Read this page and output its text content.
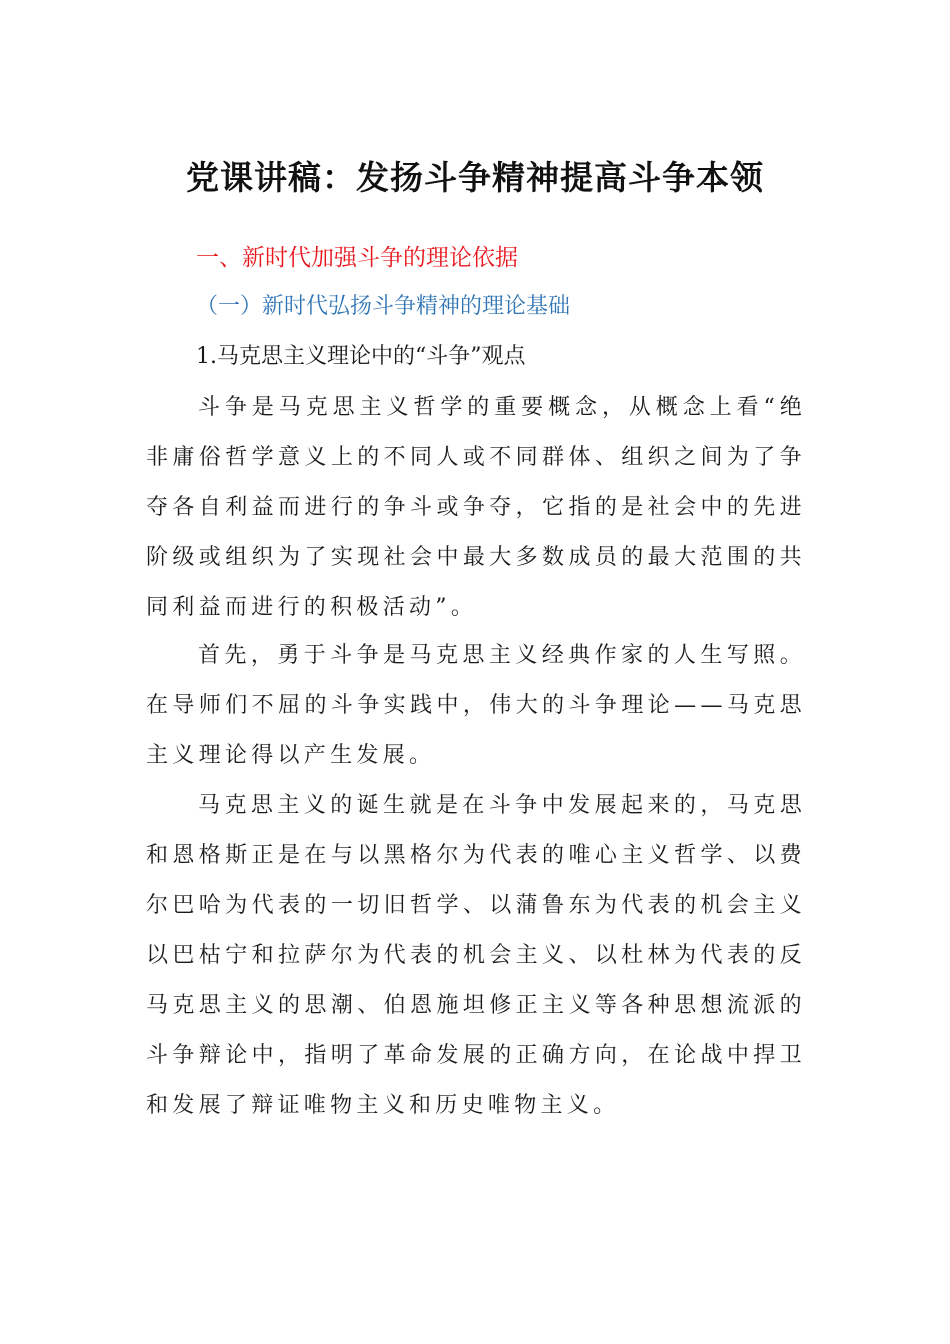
党课讲稿：发扬斗争精神提高斗争本领
一、新时代加强斗争的理论依据
（一）新时代弘扬斗争精神的理论基础
1.马克思主义理论中的“斗争”观点

斗争是马克思主义哲学的重要概念，从概念上看“绝非庸俗哲学意义上的不同人或不同群体、组织之间为了争夺各自利益而进行的争斗或争夺，它指的是社会中的先进阶级或组织为了实现社会中最大多数成员的最大范围的共同利益而进行的积极活动”。

首先，勇于斗争是马克思主义经典作家的人生写照。在导师们不屈的斗争实践中，伟大的斗争理论——马克思主义理论得以产生发展。

马克思主义的诞生就是在斗争中发展起来的，马克思和恩格斯正是在与以黑格尔为代表的唯心主义哲学、以费尔巴哈为代表的一切旧哲学、以蒲鲁东为代表的机会主义以巴枯宁和拉萨尔为代表的机会主义、以杜林为代表的反马克思主义的思潮、伯恩施坦修正主义等各种思想流派的斗争辩论中，指明了革命发展的正确方向，在论战中捍卫和发展了辩证唯物主义和历史唯物主义。
